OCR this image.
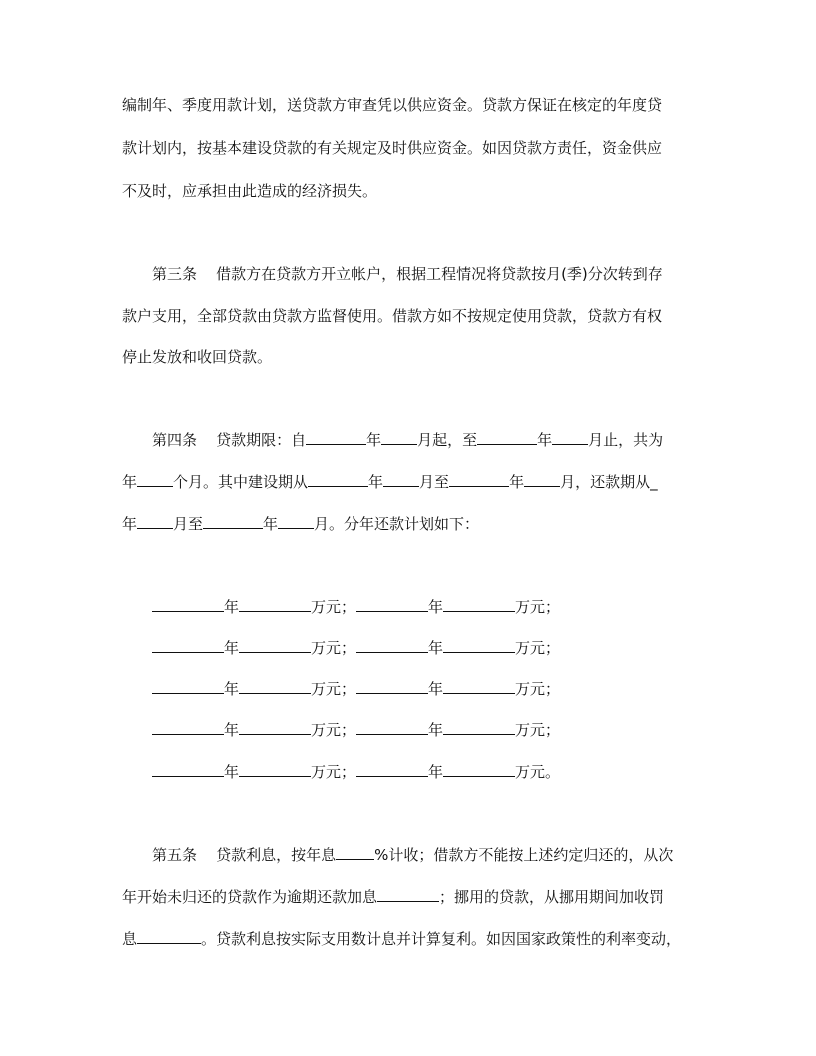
编制年、季度用款计划，送贷款方审查凭以供应资金。贷款方保证在核定的年度贷
款计划内，按基本建设贷款的有关规定及时供应资金。如因贷款方责任，资金供应
不及时，应承担由此造成的经济损失。
第三条    借款方在贷款方开立帐户，根据工程情况将贷款按月(季)分次转到存
款户支用，全部贷款由贷款方监督使用。借款方如不按规定使用贷款，贷款方有权
停止发放和收回贷款。
第四条    贷款期限：自	年 月起，至	年 月止，共为
年 个月。其中建设期从	年 月至	年 月，还款期从_
年 月至	年 月。分年还款计划如下：
年	万元；	年	万元；
年	万元；	年	万元；
年	万元；	年	万元；
年	万元；	年	万元；
年	万元；	年	万元。
第五条    贷款利息，按年息	%计收；借款方不能按上述约定归还的，从次
年开始未归还的贷款作为逾期还款加息	；挪用的贷款，从挪用期间加收罚
息	。贷款利息按实际支用数计息并计算复利。如因国家政策性的利率变动，
